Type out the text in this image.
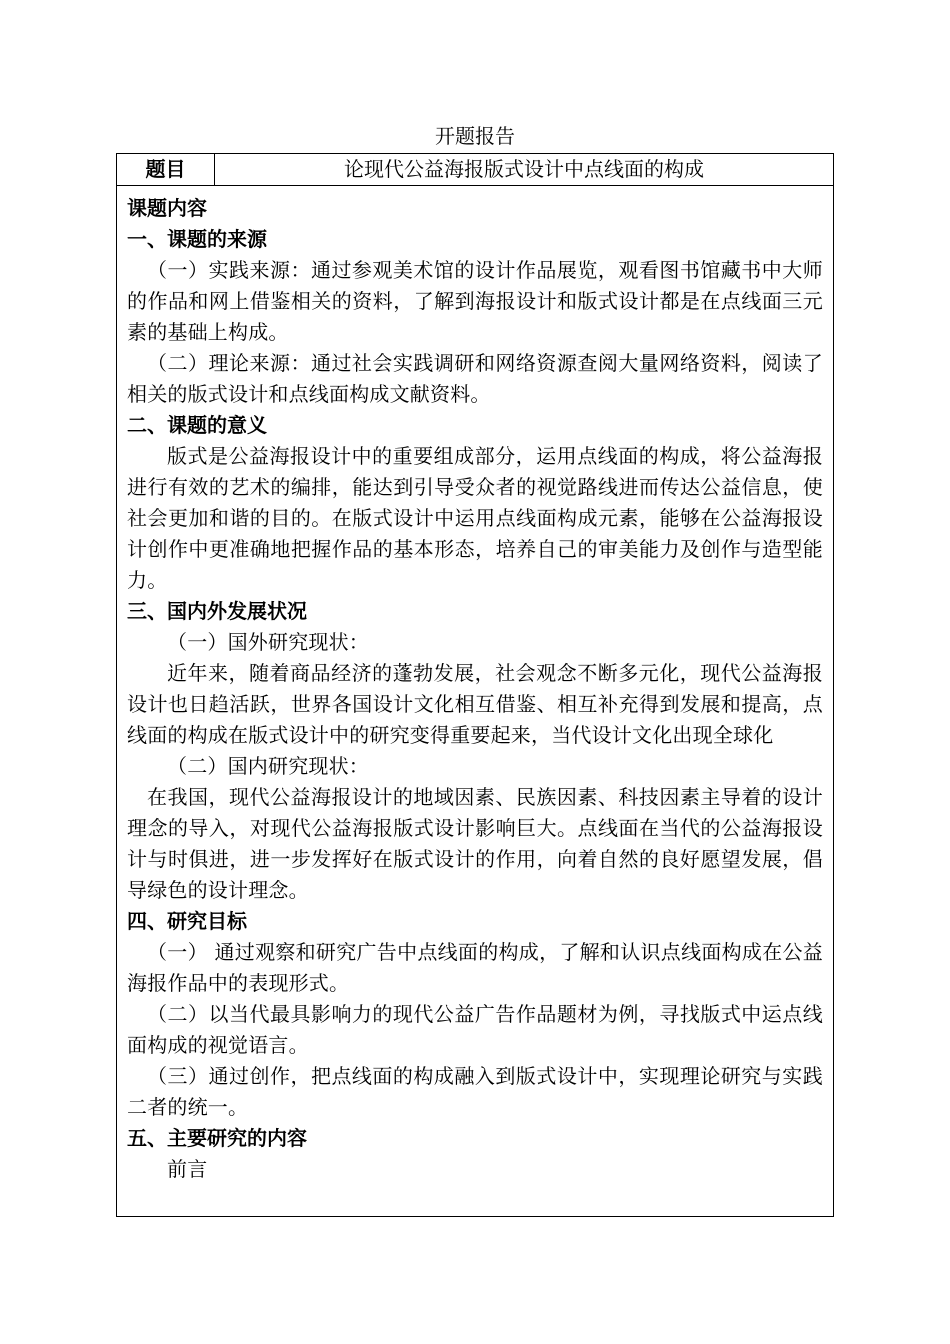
开题报告
题目	论现代公益海报版式设计中点线面的构成
课题内容
一、课题的来源
（一）实践来源：通过参观美术馆的设计作品展览，观看图书馆藏书中大师的作品和网上借鉴相关的资料，了解到海报设计和版式设计都是在点线面三元素的基础上构成。
（二）理论来源：通过社会实践调研和网络资源查阅大量网络资料，阅读了相关的版式设计和点线面构成文献资料。
二、课题的意义
版式是公益海报设计中的重要组成部分，运用点线面的构成，将公益海报进行有效的艺术的编排，能达到引导受众者的视觉路线进而传达公益信息，使社会更加和谐的目的。在版式设计中运用点线面构成元素，能够在公益海报设计创作中更准确地把握作品的基本形态，培养自己的审美能力及创作与造型能力。
三、国内外发展状况
（一）国外研究现状：
近年来，随着商品经济的蓬勃发展，社会观念不断多元化，现代公益海报设计也日趋活跃，世界各国设计文化相互借鉴、相互补充得到发展和提高，点线面的构成在版式设计中的研究变得重要起来，当代设计文化出现全球化
（二）国内研究现状：
在我国，现代公益海报设计的地域因素、民族因素、科技因素主导着的设计理念的导入，对现代公益海报版式设计影响巨大。点线面在当代的公益海报设计与时俱进，进一步发挥好在版式设计的作用，向着自然的良好愿望发展，倡导绿色的设计理念。
四、研究目标
（一） 通过观察和研究广告中点线面的构成，了解和认识点线面构成在公益海报作品中的表现形式。
（二）以当代最具影响力的现代公益广告作品题材为例，寻找版式中运点线面构成的视觉语言。
（三）通过创作，把点线面的构成融入到版式设计中，实现理论研究与实践二者的统一。
五、主要研究的内容
前言
